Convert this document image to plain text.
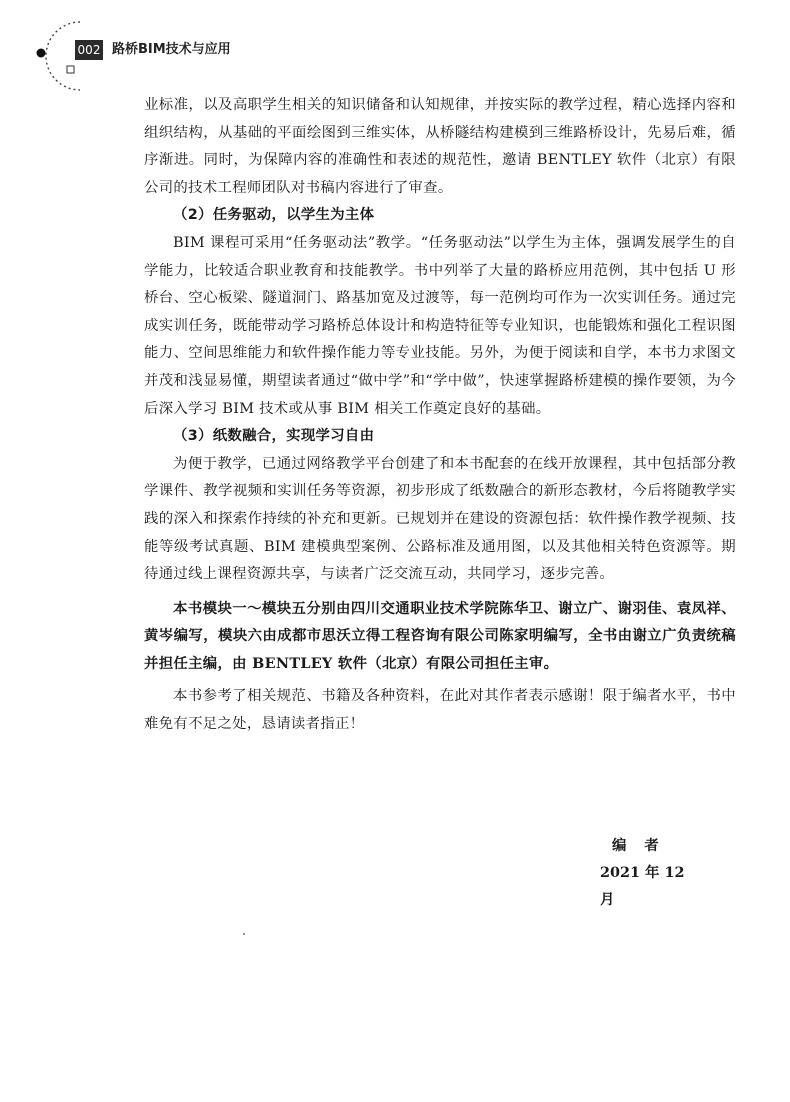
002 路桥BIM技术与应用

业标准，以及高职学生相关的知识储备和认知规律，并按实际的教学过程，精心选择内容和组织结构，从基础的平面绘图到三维实体，从桥隧结构建模到三维路桥设计，先易后难，循序渐进。同时，为保障内容的准确性和表述的规范性，邀请 BENTLEY 软件（北京）有限公司的技术工程师团队对书稿内容进行了审查。

（2）任务驱动，以学生为主体

BIM 课程可采用“任务驱动法”教学。“任务驱动法”以学生为主体，强调发展学生的自学能力，比较适合职业教育和技能教学。书中列举了大量的路桥应用范例，其中包括 U 形桥台、空心板梁、隧道洞门、路基加宽及过渡等，每一范例均可作为一次实训任务。通过完成实训任务，既能带动学习路桥总体设计和构造特征等专业知识，也能锻炼和强化工程识图能力、空间思维能力和软件操作能力等专业技能。另外，为便于阅读和自学，本书力求图文并茂和浅显易懂，期望读者通过“做中学”和“学中做”，快速掌握路桥建模的操作要领，为今后深入学习 BIM 技术或从事 BIM 相关工作奠定良好的基础。

（3）纸数融合，实现学习自由

为便于教学，已通过网络教学平台创建了和本书配套的在线开放课程，其中包括部分教学课件、教学视频和实训任务等资源，初步形成了纸数融合的新形态教材，今后将随教学实践的深入和探索作持续的补充和更新。已规划并在建设的资源包括：软件操作教学视频、技能等级考试真题、BIM 建模典型案例、公路标准及通用图，以及其他相关特色资源等。期待通过线上课程资源共享，与读者广泛交流互动，共同学习，逐步完善。

本书模块一～模块五分别由四川交通职业技术学院陈华卫、谢立广、谢羽佳、袁凤祥、黄岑编写，模块六由成都市思沃立得工程咨询有限公司陈家明编写，全书由谢立广负责统稿并担任主编，由 BENTLEY 软件（北京）有限公司担任主审。

本书参考了相关规范、书籍及各种资料，在此对其作者表示感谢！限于编者水平，书中难免有不足之处，恳请读者指正！

编者
2021 年 12 月
